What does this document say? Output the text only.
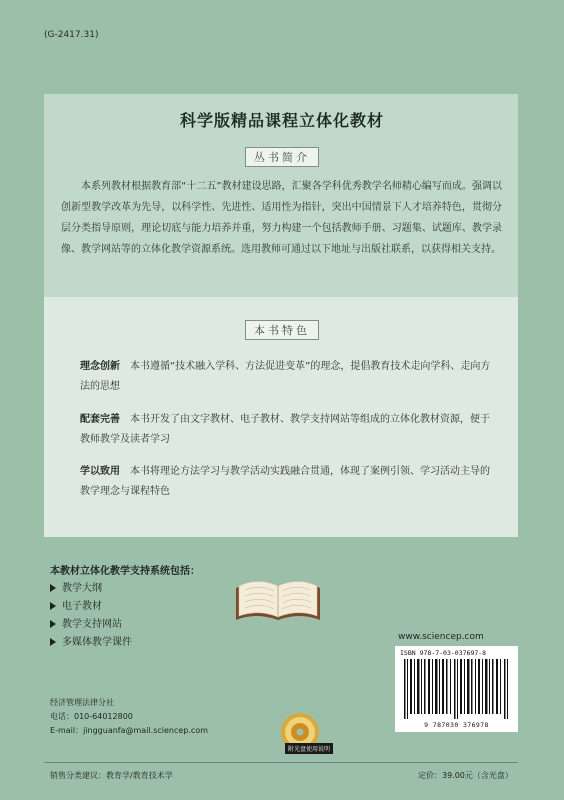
(G-2417.31)
科学版精品课程立体化教材
丛书简介

本系列教材根据教育部“十二五”教材建设思路，汇聚各学科优秀教学名师精心编写而成。强调以创新型教学改革为先导，以科学性、先进性、适用性为指针，突出中国情景下人才培养特色，贯彻分层分类指导原则，理论切底与能力培养并重，努力构建一个包括教师手册、习题集、试题库、教学录像、教学网站等的立体化教学资源系统。选用教师可通过以下地址与出版社联系，以获得相关支持。

本书特色
理念创新 本书遵循“技术融入学科、方法促进变革”的理念，提倡教育技术走向学科、走向方法的思想
配套完善 本书开发了由文字教材、电子教材、教学支持网站等组成的立体化教材资源，便于教师教学及读者学习
学以致用 本书将理论方法学习与教学活动实践融合贯通，体现了案例引领、学习活动主导的教学理念与课程特色
本教材立体化教学支持系统包括：
教学大纲
电子教材
教学支持网站
多媒体教学课件	www.sciencep.com
ISBN 978-7-03-037697-8
9 787030 376978
经济管理法律分社
电话：010-64012800
E-mail：jingguanfa@mail.sciencep.com
附光盘使用说明
销售分类建议：教育学/教育技术学	定价：39.00元（含光盘）
